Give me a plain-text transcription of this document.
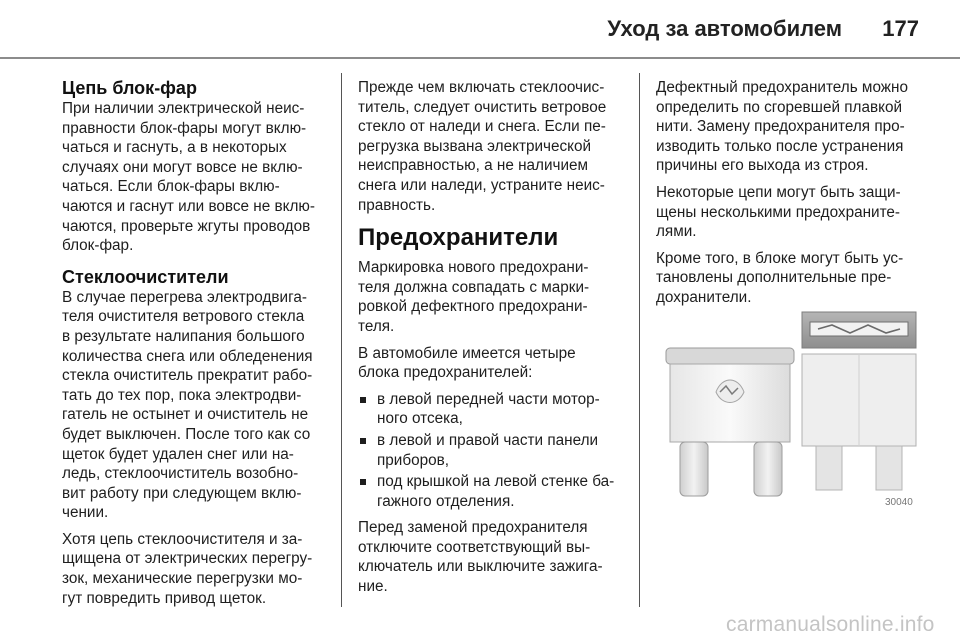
Уход за автомобилем 177
Цепь блок-фар

При наличии электрической неис-
правности блок-фары могут вклю-
чаться и гаснуть, а в некоторых
случаях они могут вовсе не вклю-
чаться. Если блок-фары вклю-
чаются и гаснут или вовсе не вклю-
чаются, проверьте жгуты проводов
блок-фар.

Стеклоочистители

В случае перегрева электродвига-
теля очистителя ветрового стекла
в результате налипания большого
количества снега или обледенения
стекла очиститель прекратит рабо-
тать до тех пор, пока электродви-
гатель не остынет и очиститель не
будет выключен. После того как со
щеток будет удален снег или на-
ледь, стеклоочиститель возобно-
вит работу при следующем вклю-
чении.

Хотя цепь стеклоочистителя и за-
щищена от электрических перегру-
зок, механические перегрузки мо-
гут повредить привод щеток.

Прежде чем включать стеклоочис-
титель, следует очистить ветровое
стекло от наледи и снега. Если пе-
регрузка вызвана электрической
неисправностью, а не наличием
снега или наледи, устраните неис-
правность.

Предохранители

Маркировка нового предохрани-
теля должна совпадать с марки-
ровкой дефектного предохрани-
теля.

В автомобиле имеется четыре
блока предохранителей:

в левой передней части мотор-
ного отсека,
в левой и правой части панели
приборов,
под крышкой на левой стенке ба-
гажного отделения.

Перед заменой предохранителя
отключите соответствующий вы-
ключатель или выключите зажига-
ние.

Дефектный предохранитель можно
определить по сгоревшей плавкой
нити. Замену предохранителя про-
изводить только после устранения
причины его выхода из строя.

Некоторые цепи могут быть защи-
щены несколькими предохраните-
лями.

Кроме того, в блоке могут быть ус-
тановлены дополнительные пре-
дохранители.

30040
carmanualsonline.info
